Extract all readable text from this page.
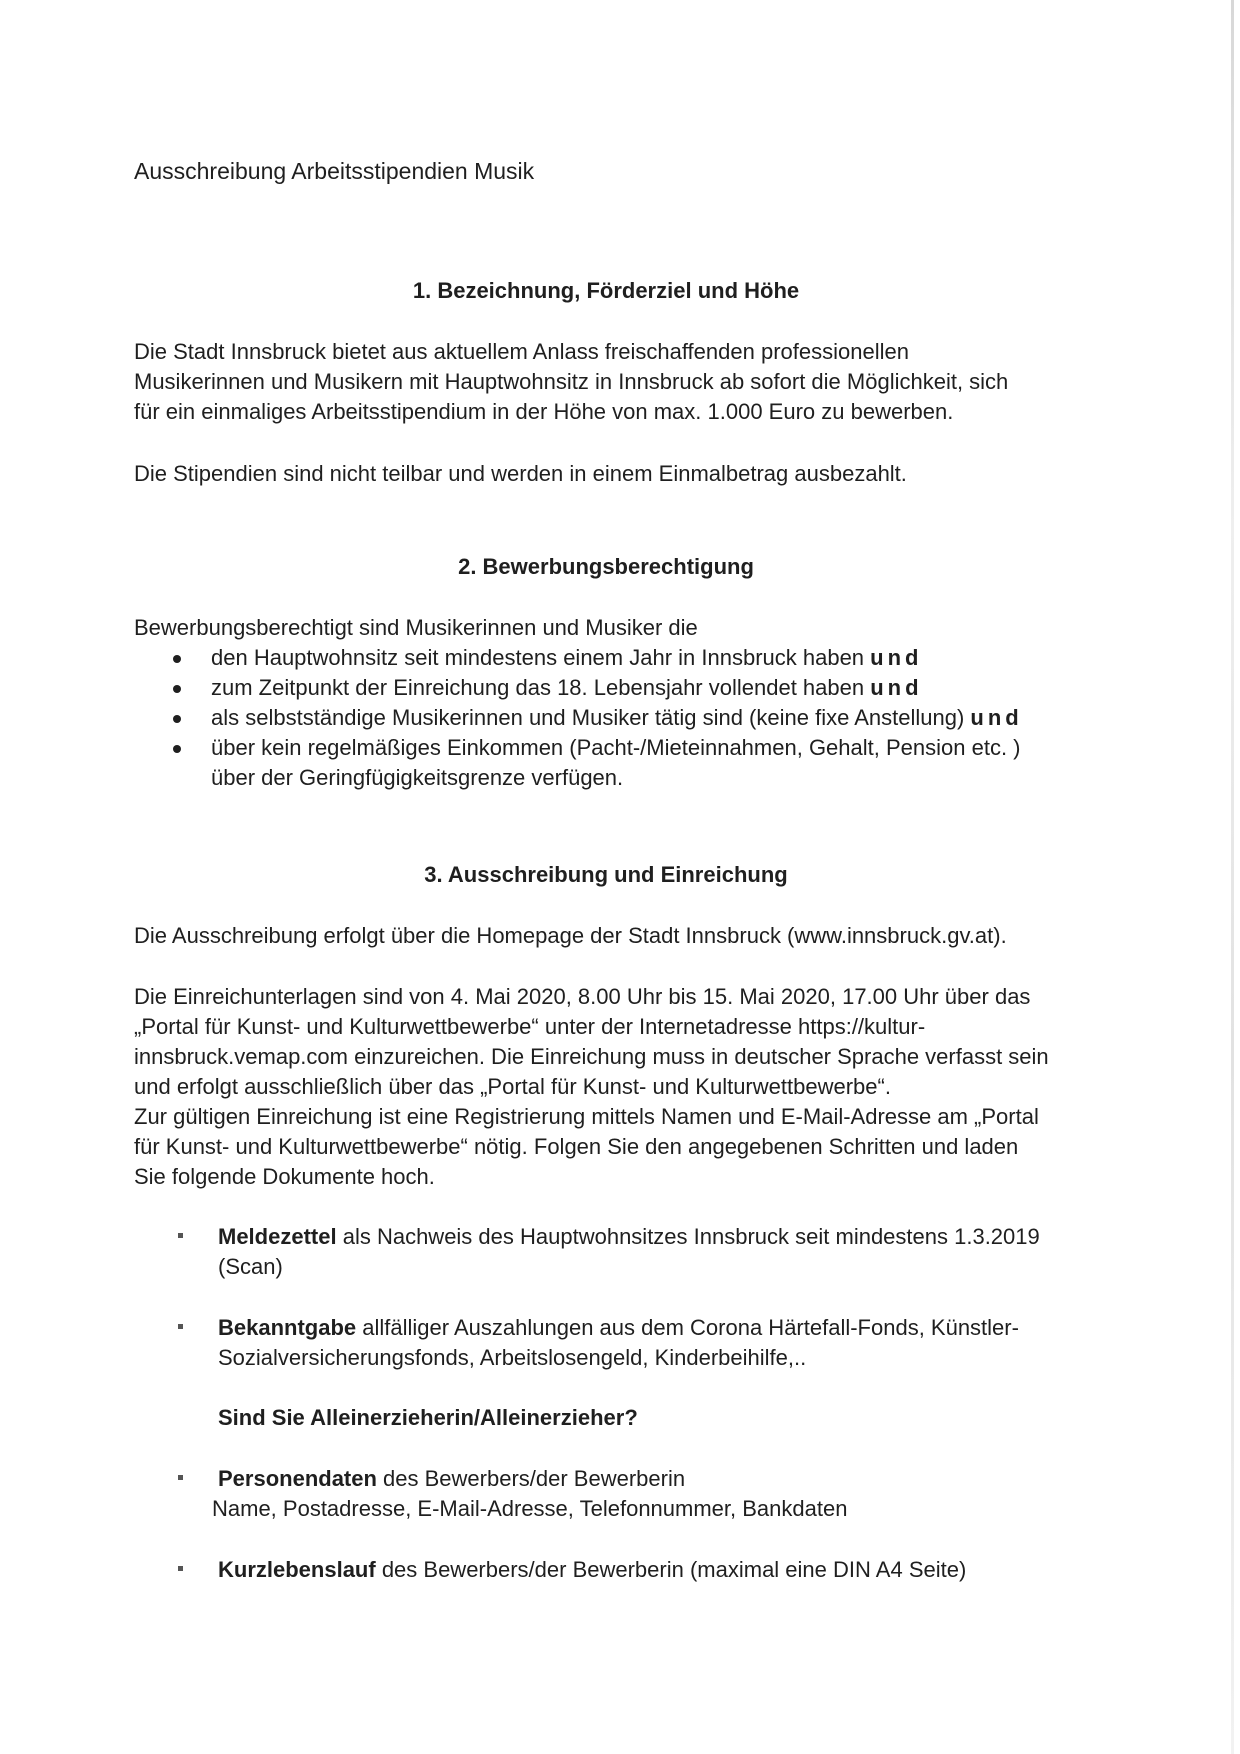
Ausschreibung Arbeitsstipendien Musik
1. Bezeichnung, Förderziel und Höhe
Die Stadt Innsbruck bietet aus aktuellem Anlass freischaffenden professionellen
Musikerinnen und Musikern mit Hauptwohnsitz in Innsbruck ab sofort die Möglichkeit, sich
für ein einmaliges Arbeitsstipendium in der Höhe von max. 1.000 Euro zu bewerben.
Die Stipendien sind nicht teilbar und werden in einem Einmalbetrag ausbezahlt.
2. Bewerbungsberechtigung
Bewerbungsberechtigt sind Musikerinnen und Musiker die
den Hauptwohnsitz seit mindestens einem Jahr in Innsbruck haben und
zum Zeitpunkt der Einreichung das 18. Lebensjahr vollendet haben und
als selbstständige Musikerinnen und Musiker tätig sind (keine fixe Anstellung) und
über kein regelmäßiges Einkommen (Pacht-/Mieteinnahmen, Gehalt, Pension etc. )
über der Geringfügigkeitsgrenze verfügen.
3. Ausschreibung und Einreichung
Die Ausschreibung erfolgt über die Homepage der Stadt Innsbruck (www.innsbruck.gv.at).
Die Einreichunterlagen sind von 4. Mai 2020, 8.00 Uhr bis 15. Mai 2020, 17.00 Uhr über das
„Portal für Kunst- und Kulturwettbewerbe“ unter der Internetadresse https://kultur-
innsbruck.vemap.com einzureichen. Die Einreichung muss in deutscher Sprache verfasst sein
und erfolgt ausschließlich über das „Portal für Kunst- und Kulturwettbewerbe“.
Zur gültigen Einreichung ist eine Registrierung mittels Namen und E-Mail-Adresse am „Portal
für Kunst- und Kulturwettbewerbe“ nötig. Folgen Sie den angegebenen Schritten und laden
Sie folgende Dokumente hoch.
Meldezettel als Nachweis des Hauptwohnsitzes Innsbruck seit mindestens 1.3.2019
(Scan)
Bekanntgabe allfälliger Auszahlungen aus dem Corona Härtefall-Fonds, Künstler-
Sozialversicherungsfonds, Arbeitslosengeld, Kinderbeihilfe,..
Sind Sie Alleinerzieherin/Alleinerzieher?
Personendaten des Bewerbers/der Bewerberin
Name, Postadresse, E-Mail-Adresse, Telefonnummer, Bankdaten
Kurzlebenslauf des Bewerbers/der Bewerberin (maximal eine DIN A4 Seite)
